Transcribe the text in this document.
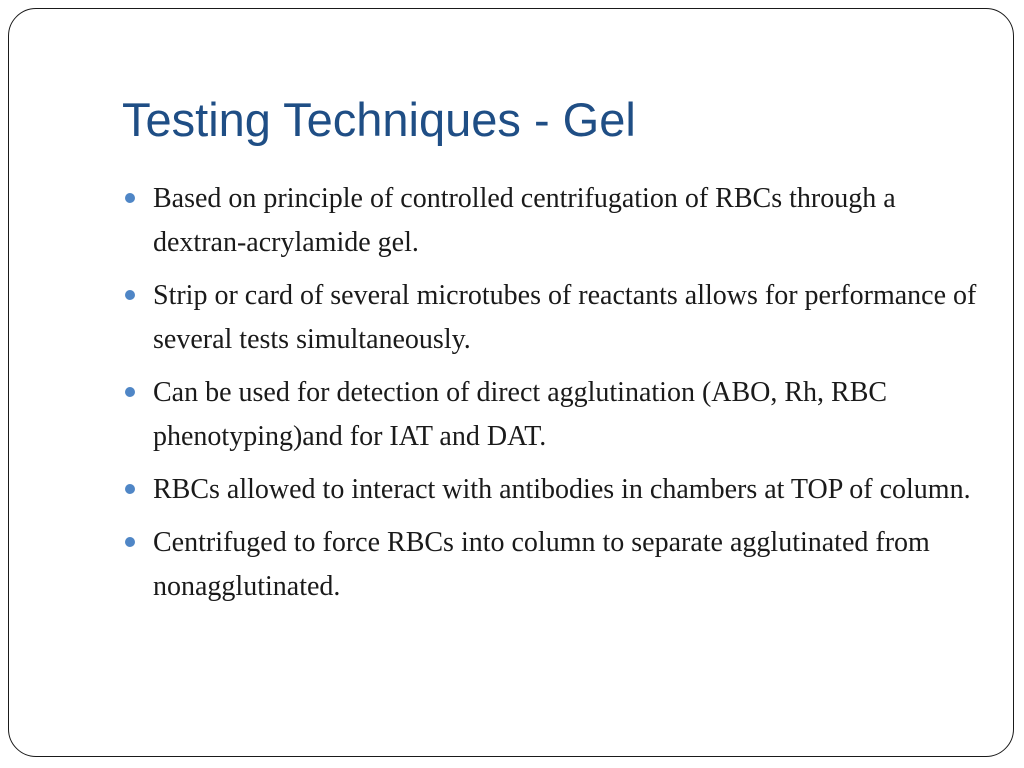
Testing Techniques - Gel
Based on principle of controlled centrifugation of RBCs through a dextran-acrylamide gel.
Strip or card of several microtubes of reactants allows for performance of several tests simultaneously.
Can be used for detection of direct agglutination (ABO, Rh, RBC phenotyping)and for IAT and DAT.
RBCs allowed to interact with antibodies in chambers at TOP of column.
Centrifuged to force RBCs into column to separate agglutinated from nonagglutinated.
